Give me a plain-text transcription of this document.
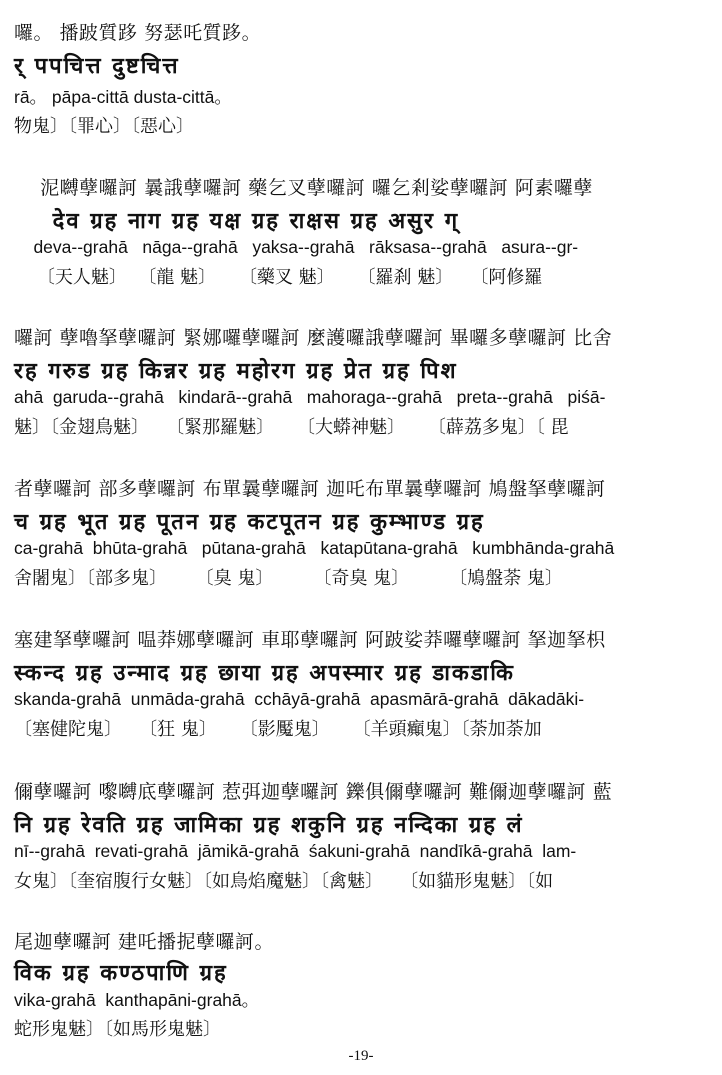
囉。 播跛質跢 努瑟吒質跢。
र् पपचित्त दुष्टचित्त
rā。 pāpa-cittā dusta-cittā。
物鬼〕〔罪心〕〔惡心〕
泥嚩孽囉訶 曩誐孽囉訶 藥乞叉孽囉訶 囉乞剎娑孽囉訶 阿素囉孽
देव ग्रह नाग ग्रह यक्ष ग्रह राक्षस ग्रह असुर ग्
deva--grahā   nāga--grahā   yaksa--grahā   rāksasa--grahā   asura--gr-
〔天人魅〕  〔龍 魅〕    〔藥叉 魅〕    〔羅刹 魅〕   〔阿修羅
囉訶 孽嚕拏孽囉訶 緊娜囉孽囉訶 麼護囉誐孽囉訶 畢囉多孽囉訶 比舍
रह गरुड ग्रह किन्नर ग्रह महोरग ग्रह प्रेत ग्रह पिश
ahā  garuda--grahā   kindarā--grahā   mahoraga--grahā   preta--grahā   piśā-
魅〕〔金翅鳥魅〕   〔緊那羅魅〕    〔大蟒神魅〕    〔薜荔多鬼〕〔 毘
者孽囉訶 部多孽囉訶 布單曩孽囉訶 迦吒布單曩孽囉訶 鳩盤拏孽囉訶
च ग्रह भूत ग्रह पूतन ग्रह कटपूतन ग्रह कुम्भाण्ड ग्रह
ca-grahā  bhūta-grahā   pūtana-grahā   katapūtana-grahā   kumbhānda-grahā
舍闍鬼〕〔部多鬼〕     〔臭 鬼〕       〔奇臭 鬼〕       〔鳩盤荼 鬼〕
塞建拏孽囉訶 嗢莽娜孽囉訶 車耶孽囉訶 阿跛娑莽囉孽囉訶 拏迦拏枳
स्कन्द ग्रह उन्माद ग्रह छाया ग्रह अपस्मार ग्रह डाकडाकि
skanda-grahā  unmāda-grahā  cchāyā-grahā  apasmārā-grahā  dākadāki-
〔塞健陀鬼〕   〔狂 鬼〕    〔影魘鬼〕    〔羊頭癲鬼〕〔荼加荼加
儞孽囉訶 嚟嚩底孽囉訶 惹弭迦孽囉訶 鑠俱儞孽囉訶 難儞迦孽囉訶 藍
नि ग्रह रेवति ग्रह जामिका ग्रह शकुनि ग्रह नन्दिका ग्रह लं
nī--grahā  revati-grahā  jāmikā-grahā  śakuni-grahā  nandīkā-grahā  lam-
女鬼〕〔奎宿腹行女魅〕〔如鳥焰魔魅〕〔禽魅〕   〔如貓形鬼魅〕〔如
尾迦孽囉訶 建吒播抳孽囉訶。
विक ग्रह कण्ठपाणि ग्रह
vika-grahā  kanthapāni-grahā。
蛇形鬼魅〕〔如馬形鬼魅〕
-19-
